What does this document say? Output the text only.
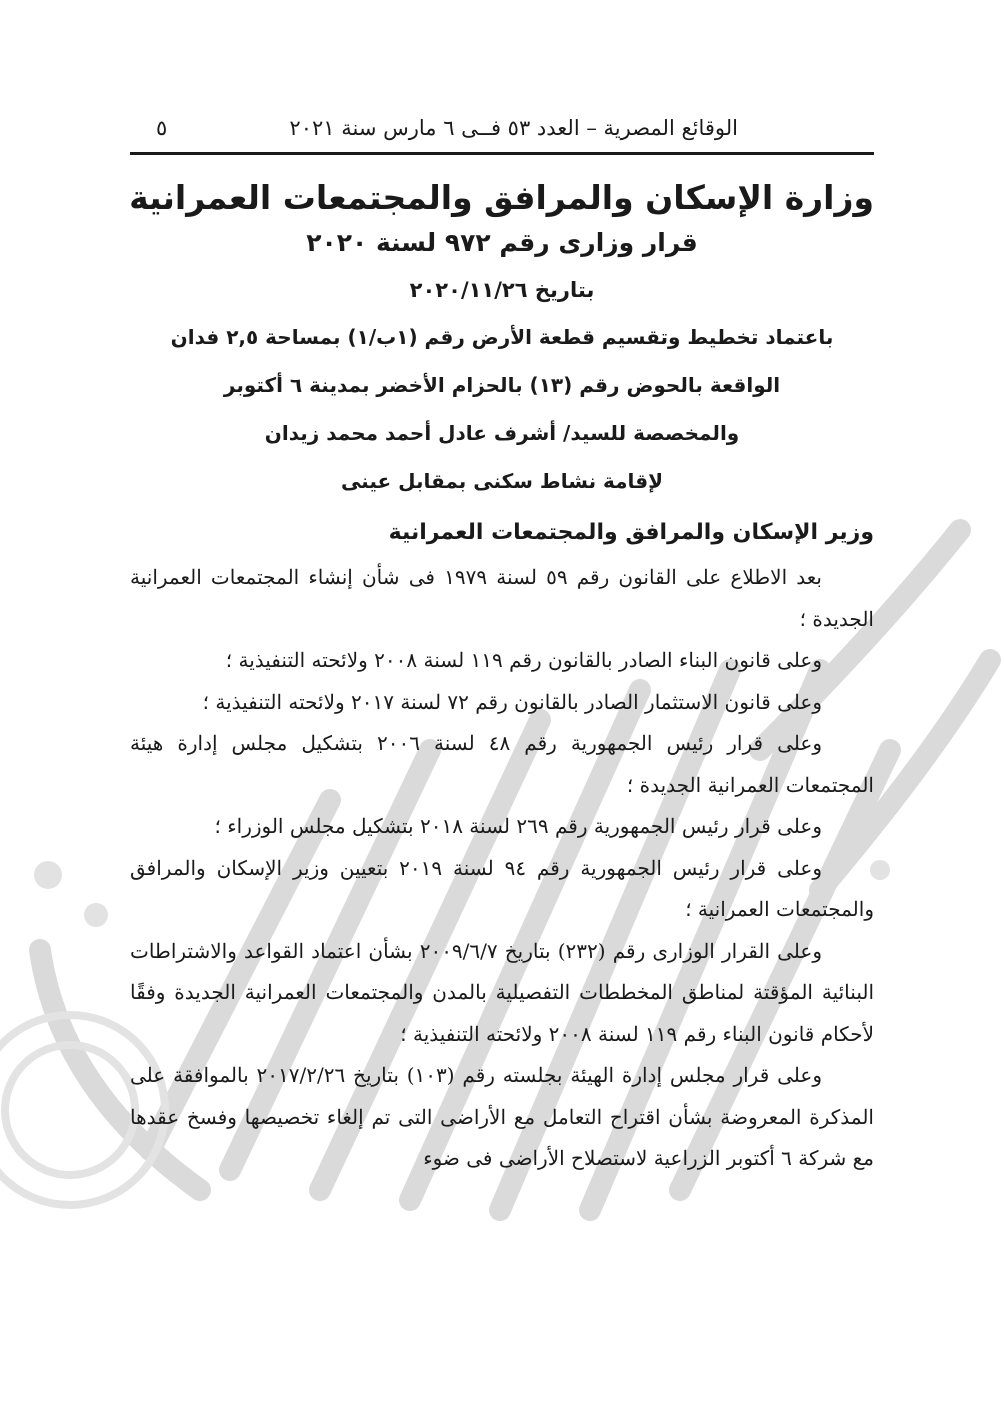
الوقائع المصرية – العدد ٥٣ فــى ٦ مارس سنة ٢٠٢١
٥
وزارة الإسكان والمرافق والمجتمعات العمرانية
قرار وزارى رقم ٩٧٢ لسنة ٢٠٢٠
بتاريخ ٢٠٢٠/١١/٢٦
باعتماد تخطيط وتقسيم قطعة الأرض رقم (١ب/١) بمساحة ٢,٥ فدان
الواقعة بالحوض رقم (١٣) بالحزام الأخضر بمدينة ٦ أكتوبر
والمخصصة للسيد/ أشرف عادل أحمد محمد زيدان
لإقامة نشاط سكنى بمقابل عينى
وزير الإسكان والمرافق والمجتمعات العمرانية

بعد الاطلاع على القانون رقم ٥٩ لسنة ١٩٧٩ فى شأن إنشاء المجتمعات العمرانية الجديدة ؛

وعلى قانون البناء الصادر بالقانون رقم ١١٩ لسنة ٢٠٠٨ ولائحته التنفيذية ؛

وعلى قانون الاستثمار الصادر بالقانون رقم ٧٢ لسنة ٢٠١٧ ولائحته التنفيذية ؛

وعلى قرار رئيس الجمهورية رقم ٤٨ لسنة ٢٠٠٦ بتشكيل مجلس إدارة هيئة المجتمعات العمرانية الجديدة ؛

وعلى قرار رئيس الجمهورية رقم ٢٦٩ لسنة ٢٠١٨ بتشكيل مجلس الوزراء ؛

وعلى قرار رئيس الجمهورية رقم ٩٤ لسنة ٢٠١٩ بتعيين وزير الإسكان والمرافق والمجتمعات العمرانية ؛

وعلى القرار الوزارى رقم (٢٣٢) بتاريخ ٢٠٠٩/٦/٧ بشأن اعتماد القواعد والاشتراطات البنائية المؤقتة لمناطق المخططات التفصيلية بالمدن والمجتمعات العمرانية الجديدة وفقًا لأحكام قانون البناء رقم ١١٩ لسنة ٢٠٠٨ ولائحته التنفيذية ؛

وعلى قرار مجلس إدارة الهيئة بجلسته رقم (١٠٣) بتاريخ ٢٠١٧/٢/٢٦ بالموافقة على المذكرة المعروضة بشأن اقتراح التعامل مع الأراضى التى تم إلغاء تخصيصها وفسخ عقدها مع شركة ٦ أكتوبر الزراعية لاستصلاح الأراضى فى ضوء
